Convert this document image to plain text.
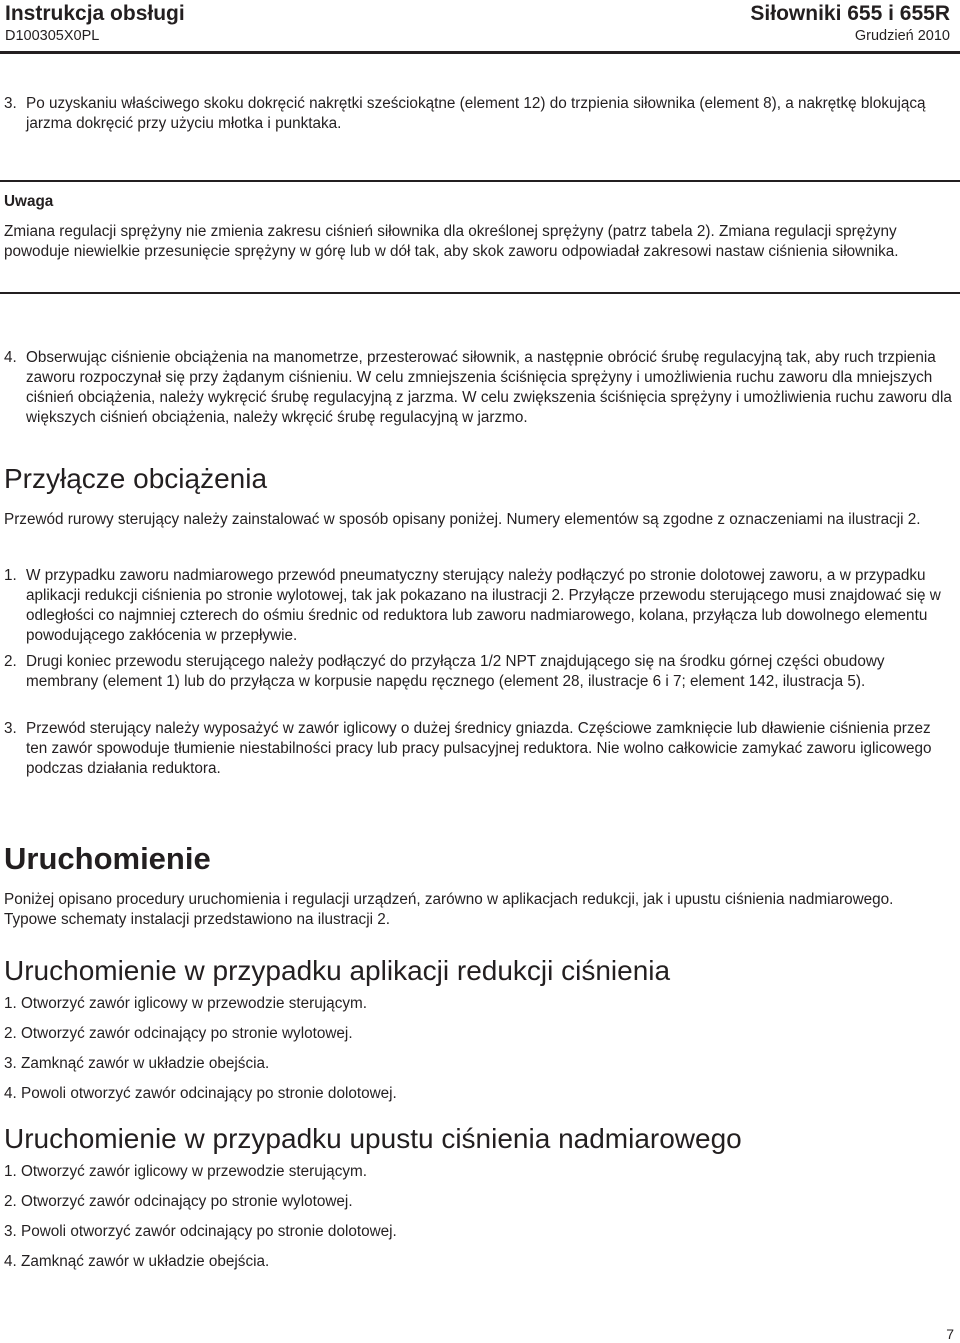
Instrukcja obsługi
D100305X0PL
Siłowniki 655 i 655R
Grudzień 2010
3. Po uzyskaniu właściwego skoku dokręcić nakrętki sześciokątne (element 12) do trzpienia siłownika (element 8), a nakrętkę blokującą jarzma dokręcić przy użyciu młotka i punktaka.
Uwaga
Zmiana regulacji sprężyny nie zmienia zakresu ciśnień siłownika dla określonej sprężyny (patrz tabela 2). Zmiana regulacji sprężyny powoduje niewielkie przesunięcie sprężyny w górę lub w dół tak, aby skok zaworu odpowiadał zakresowi nastaw ciśnienia siłownika.
4. Obserwując ciśnienie obciążenia na manometrze, przesterować siłownik, a następnie obrócić śrubę regulacyjną tak, aby ruch trzpienia zaworu rozpoczynał się przy żądanym ciśnieniu. W celu zmniejszenia ściśnięcia sprężyny i umożliwienia ruchu zaworu dla mniejszych ciśnień obciążenia, należy wykręcić śrubę regulacyjną z jarzma. W celu zwiększenia ściśnięcia sprężyny i umożliwienia ruchu zaworu dla większych ciśnień obciążenia, należy wkręcić śrubę regulacyjną w jarzmo.
Przyłącze obciążenia
Przewód rurowy sterujący należy zainstalować w sposób opisany poniżej. Numery elementów są zgodne z oznaczeniami na ilustracji 2.
1. W przypadku zaworu nadmiarowego przewód pneumatyczny sterujący należy podłączyć po stronie dolotowej zaworu, a w przypadku aplikacji redukcji ciśnienia po stronie wylotowej, tak jak pokazano na ilustracji 2. Przyłącze przewodu sterującego musi znajdować się w odległości co najmniej czterech do ośmiu średnic od reduktora lub zaworu nadmiarowego, kolana, przyłącza lub dowolnego elementu powodującego zakłócenia w przepływie.
2. Drugi koniec przewodu sterującego należy podłączyć do przyłącza 1/2 NPT znajdującego się na środku górnej części obudowy membrany (element 1) lub do przyłącza w korpusie napędu ręcznego (element 28, ilustracje 6 i 7; element 142, ilustracja 5).
3. Przewód sterujący należy wyposażyć w zawór iglicowy o dużej średnicy gniazda. Częściowe zamknięcie lub dławienie ciśnienia przez ten zawór spowoduje tłumienie niestabilności pracy lub pracy pulsacyjnej reduktora. Nie wolno całkowicie zamykać zaworu iglicowego podczas działania reduktora.
Uruchomienie
Poniżej opisano procedury uruchomienia i regulacji urządzeń, zarówno w aplikacjach redukcji, jak i upustu ciśnienia nadmiarowego. Typowe schematy instalacji przedstawiono na ilustracji 2.
Uruchomienie w przypadku aplikacji redukcji ciśnienia
1. Otworzyć zawór iglicowy w przewodzie sterującym.
2. Otworzyć zawór odcinający po stronie wylotowej.
3. Zamknąć zawór w układzie obejścia.
4. Powoli otworzyć zawór odcinający po stronie dolotowej.
Uruchomienie w przypadku upustu ciśnienia nadmiarowego
1. Otworzyć zawór iglicowy w przewodzie sterującym.
2. Otworzyć zawór odcinający po stronie wylotowej.
3. Powoli otworzyć zawór odcinający po stronie dolotowej.
4. Zamknąć zawór w układzie obejścia.
7
